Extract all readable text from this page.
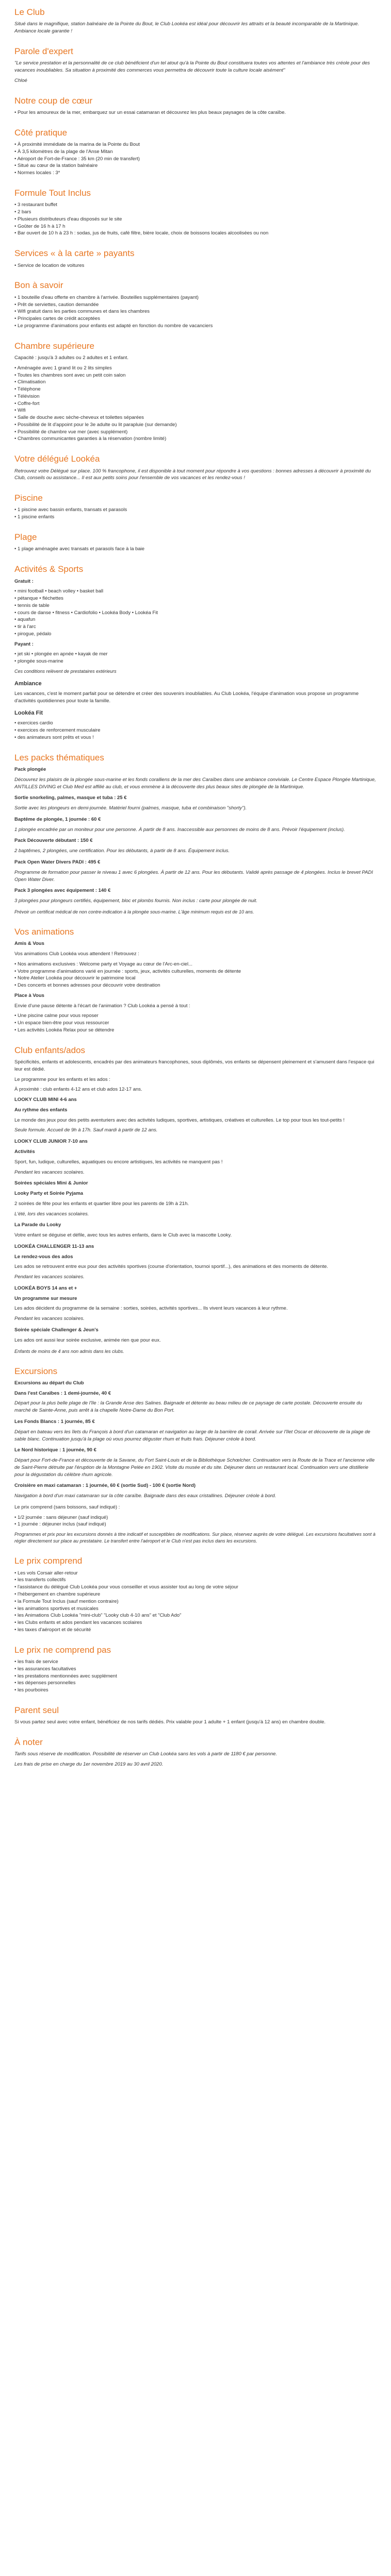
Le Club

Situé dans le magnifique, station balnéaire de la Pointe du Bout, le Club Lookéa est idéal pour découvrir les attraits et la beauté incomparable de la Martinique. Ambiance locale garantie !

Parole d'expert

"Le service prestation et la personnalité de ce club bénéficient d'un tel atout qu'à la Pointe du Bout constituera toutes vos attentes et l'ambiance très créole pour des vacances inoubliables. Sa situation à proximité des commerces vous permettra de découvrir toute la culture locale aisément"

Chloé

Notre coup de cœur
• Pour les amoureux de la mer, embarquez sur un essai catamaran et découvrez les plus beaux paysages de la côte caraïbe.
Côté pratique
• À proximité immédiate de la marina de la Pointe du Bout
• À 3,5 kilomètres de la plage de l'Anse Mitan
• Aéroport de Fort-de-France : 35 km (20 min de transfert)
• Situé au cœur de la station balnéaire
• Normes locales : 3*
Formule Tout Inclus
• 3 restaurant buffet
• 2 bars
• Plusieurs distributeurs d'eau disposés sur le site
• Goûter de 16 h à 17 h
• Bar ouvert de 10 h à 23 h : sodas, jus de fruits, café filtre, bière locale, choix de boissons locales alcoolisées ou non
Services « à la carte » payants
• Service de location de voitures
Bon à savoir
• 1 bouteille d'eau offerte en chambre à l'arrivée. Bouteilles supplémentaires (payant)
• Prêt de serviettes, caution demandée
• Wifi gratuit dans les parties communes et dans les chambres
• Principales cartes de crédit acceptées
• Le programme d'animations pour enfants est adapté en fonction du nombre de vacanciers
Chambre supérieure

Capacité : jusqu'à 3 adultes ou 2 adultes et 1 enfant.

• Aménagée avec 1 grand lit ou 2 lits simples
• Toutes les chambres sont avec un petit coin salon
• Climatisation
• Téléphone
• Télévision
• Coffre-fort
• Wifi
• Salle de douche avec sèche-cheveux et toilettes séparées
• Possibilité de lit d'appoint pour le 3e adulte ou lit parapluie (sur demande)
• Possibilité de chambre vue mer (avec supplément)
• Chambres communicantes garanties à la réservation (nombre limité)
Votre délégué Lookéa

Retrouvez votre Délégué sur place. 100 % francophone, il est disponible à tout moment pour répondre à vos questions : bonnes adresses à découvrir à proximité du Club, conseils ou assistance... Il est aux petits soins pour l'ensemble de vos vacances et les rendez-vous !

Piscine
• 1 piscine avec bassin enfants, transats et parasols
• 1 piscine enfants
Plage
• 1 plage aménagée avec transats et parasols face à la baie
Activités & Sports

Gratuit :

• mini football • beach volley • basket ball
• pétanque • fléchettes
• tennis de table
• cours de danse • fitness • Cardiofolio • Lookéa Body • Lookéa Fit
• aquafun
• tir à l'arc
• pirogue, pédalo

Payant :

• jet ski • plongée en apnée • kayak de mer
• plongée sous-marine

Ces conditions relèvent de prestataires extérieurs

Ambiance

Les vacances, c'est le moment parfait pour se détendre et créer des souvenirs inoubliables. Au Club Lookéa, l'équipe d'animation vous propose un programme d'activités quotidiennes pour toute la famille.

Lookéa Fit
• exercices cardio
• exercices de renforcement musculaire
• des animateurs sont prêts et vous !
Les packs thématiques

Pack plongée

Découvrez les plaisirs de la plongée sous-marine et les fonds coralliens de la mer des Caraïbes dans une ambiance conviviale. Le Centre Espace Plongée Martinique, ANTILLES DIVING et Club Med est affilié au club, et vous emmène à la découverte des plus beaux sites de plongée de la Martinique.

Sortie snorkeling, palmes, masque et tuba : 25 €

Sortie avec les plongeurs en demi-journée. Matériel fourni (palmes, masque, tuba et combinaison "shorty").

Baptême de plongée, 1 journée : 60 €

1 plongée encadrée par un moniteur pour une personne. À partir de 8 ans. Inaccessible aux personnes de moins de 8 ans. Prévoir l'équipement (inclus).

Pack Découverte débutant : 150 €

2 baptêmes, 2 plongées, une certification. Pour les débutants, à partir de 8 ans. Équipement inclus.

Pack Open Water Divers PADI : 495 €

Programme de formation pour passer le niveau 1 avec 6 plongées. À partir de 12 ans. Pour les débutants. Validé après passage de 4 plongées. Inclus le brevet PADI Open Water Diver.

Pack 3 plongées avec équipement : 140 €

3 plongées pour plongeurs certifiés, équipement, bloc et plombs fournis. Non inclus : carte pour plongée de nuit.

Prévoir un certificat médical de non contre-indication à la plongée sous-marine. L'âge minimum requis est de 10 ans.

Vos animations

Amis & Vous

Vos animations Club Lookéa vous attendent ! Retrouvez :

• Nos animations exclusives : Welcome party et Voyage au cœur de l'Arc-en-ciel...
• Votre programme d'animations varié en journée : sports, jeux, activités culturelles, moments de détente
• Notre Atelier Lookéa pour découvrir le patrimoine local
• Des concerts et bonnes adresses pour découvrir votre destination

Place à Vous

Envie d'une pause détente à l'écart de l'animation ? Club Lookéa a pensé à tout :

• Une piscine calme pour vous reposer
• Un espace bien-être pour vous ressourcer
• Les activités Lookéa Relax pour se détendre
Club enfants/ados

Spécificités, enfants et adolescents, encadrés par des animateurs francophones, sous diplômés, vos enfants se dépensent pleinement et s'amusent dans l'espace qui leur est dédié.

Le programme pour les enfants et les ados :

À proximité : club enfants 4-12 ans et club ados 12-17 ans.

LOOKY CLUB MINI 4-6 ans

Au rythme des enfants

Le monde des jeux pour des petits aventuriers avec des activités ludiques, sportives, artistiques, créatives et culturelles. Le top pour tous les tout-petits !

Seule formule. Accueil de 9h à 17h. Sauf mardi à partir de 12 ans.

LOOKY CLUB JUNIOR 7-10 ans

Activités

Sport, fun, ludique, culturelles, aquatiques ou encore artistiques, les activités ne manquent pas !

Pendant les vacances scolaires.

Soirées spéciales Mini & Junior

Looky Party et Soirée Pyjama

2 soirées de fête pour les enfants et quartier libre pour les parents de 19h à 21h.

L'été, lors des vacances scolaires.

La Parade du Looky

Votre enfant se déguise et défile, avec tous les autres enfants, dans le Club avec la mascotte Looky.

LOOKÉA CHALLENGER 11-13 ans

Le rendez-vous des ados

Les ados se retrouvent entre eux pour des activités sportives (course d'orientation, tournoi sportif...), des animations et des moments de détente.

Pendant les vacances scolaires.

LOOKÉA BOYS 14 ans et +

Un programme sur mesure

Les ados décident du programme de la semaine : sorties, soirées, activités sportives... Ils vivent leurs vacances à leur rythme.

Pendant les vacances scolaires.

Soirée spéciale Challenger & Jeun's

Les ados ont aussi leur soirée exclusive, animée rien que pour eux.

Enfants de moins de 4 ans non admis dans les clubs.

Excursions

Excursions au départ du Club

Dans l'est Caraïbes : 1 demi-journée, 40 €

Départ pour la plus belle plage de l'île : la Grande Anse des Salines. Baignade et détente au beau milieu de ce paysage de carte postale. Découverte ensuite du marché de Sainte-Anne, puis arrêt à la chapelle Notre-Dame du Bon Port.

Les Fonds Blancs : 1 journée, 85 €

Départ en bateau vers les îlets du François à bord d'un catamaran et navigation au large de la barrière de corail. Arrivée sur l'îlet Oscar et découverte de la plage de sable blanc. Continuation jusqu'à la plage où vous pourrez déguster rhum et fruits frais. Déjeuner créole à bord.

Le Nord historique : 1 journée, 90 €

Départ pour Fort-de-France et découverte de la Savane, du Fort Saint-Louis et de la Bibliothèque Schœlcher. Continuation vers la Route de la Trace et l'ancienne ville de Saint-Pierre détruite par l'éruption de la Montagne Pelée en 1902. Visite du musée et du site. Déjeuner dans un restaurant local. Continuation vers une distillerie pour la dégustation du célèbre rhum agricole.

Croisière en maxi catamaran : 1 journée, 60 € (sortie Sud) - 100 € (sortie Nord)

Navigation à bord d'un maxi catamaran sur la côte caraïbe. Baignade dans des eaux cristallines. Déjeuner créole à bord.

Le prix comprend (sans boissons, sauf indiqué) :

• 1/2 journée : sans déjeuner (sauf indiqué)
• 1 journée : déjeuner inclus (sauf indiqué)

Programmes et prix pour les excursions donnés à titre indicatif et susceptibles de modifications. Sur place, réservez auprès de votre délégué. Les excursions facultatives sont à régler directement sur place au prestataire. Le transfert entre l'aéroport et le Club n'est pas inclus dans les excursions.

Le prix comprend
• Les vols Corsair aller-retour
• les transferts collectifs
• l'assistance du délégué Club Lookéa pour vous conseiller et vous assister tout au long de votre séjour
• l'hébergement en chambre supérieure
• la Formule Tout Inclus (sauf mention contraire)
• les animations sportives et musicales
• les Animations Club Lookéa "mini-club" "Looky club 4-10 ans" et "Club Ado"
• les Clubs enfants et ados pendant les vacances scolaires
• les taxes d'aéroport et de sécurité
Le prix ne comprend pas
• les frais de service
• les assurances facultatives
• les prestations mentionnées avec supplément
• les dépenses personnelles
• les pourboires
Parent seul

Si vous partez seul avec votre enfant, bénéficiez de nos tarifs dédiés. Prix valable pour 1 adulte + 1 enfant (jusqu'à 12 ans) en chambre double.

À noter

Tarifs sous réserve de modification. Possibilité de réserver un Club Lookéa sans les vols à partir de 1180 € par personne.

Les frais de prise en charge du 1er novembre 2019 au 30 avril 2020.
